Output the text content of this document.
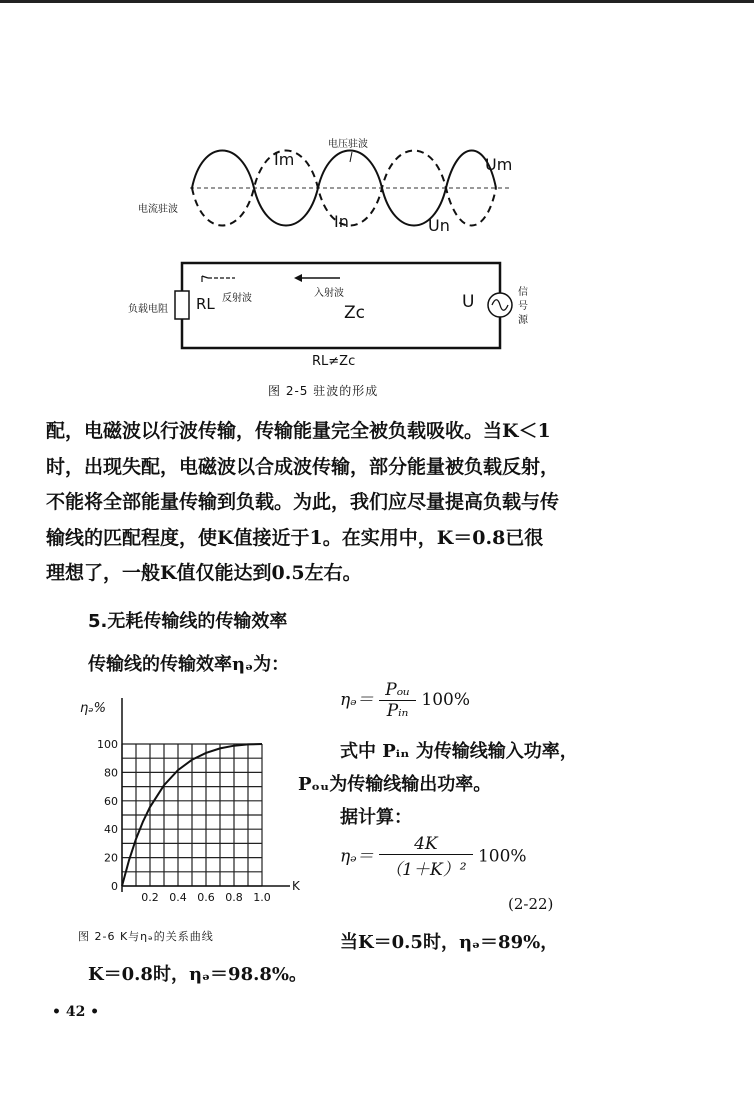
电压驻波
电流驻波
Im	Um
In	Un
反射波	入射波
负载电阻 RL	Zc
U	信号源
RL≠Zc
图 2-5 驻波的形成

配，电磁波以行波传输，传输能量完全被负载吸收。当K＜1

时，出现失配，电磁波以合成波传输，部分能量被负载反射，

不能将全部能量传输到负载。为此，我们应尽量提高负载与传

输线的匹配程度，使K值接近于1。在实用中，K＝0.8已很

理想了，一般K值仅能达到0.5左右。

5.无耗传输线的传输效率
传输线的传输效率ηₔ为：
0
20
40
60
80
100
0.2 0.4 0.6 0.8 1.0
ηₔ%
K
图 2-6 K与ηₔ的关系曲线
ηₔ＝ $\frac{\text{Pₒᵤ}}{\text{Pᵢₙ}} 100\%$
式中 Pᵢₙ 为传输线输入功率，
Pₒᵤ为传输线输出功率。
据计算：
ηₔ＝ $\frac{4K}{\text{（1＋K）²}} 100\%$
(2-22)
当K＝0.5时，ηₔ＝89%，
K＝0.8时，ηₔ＝98.8%。
• 42 •
